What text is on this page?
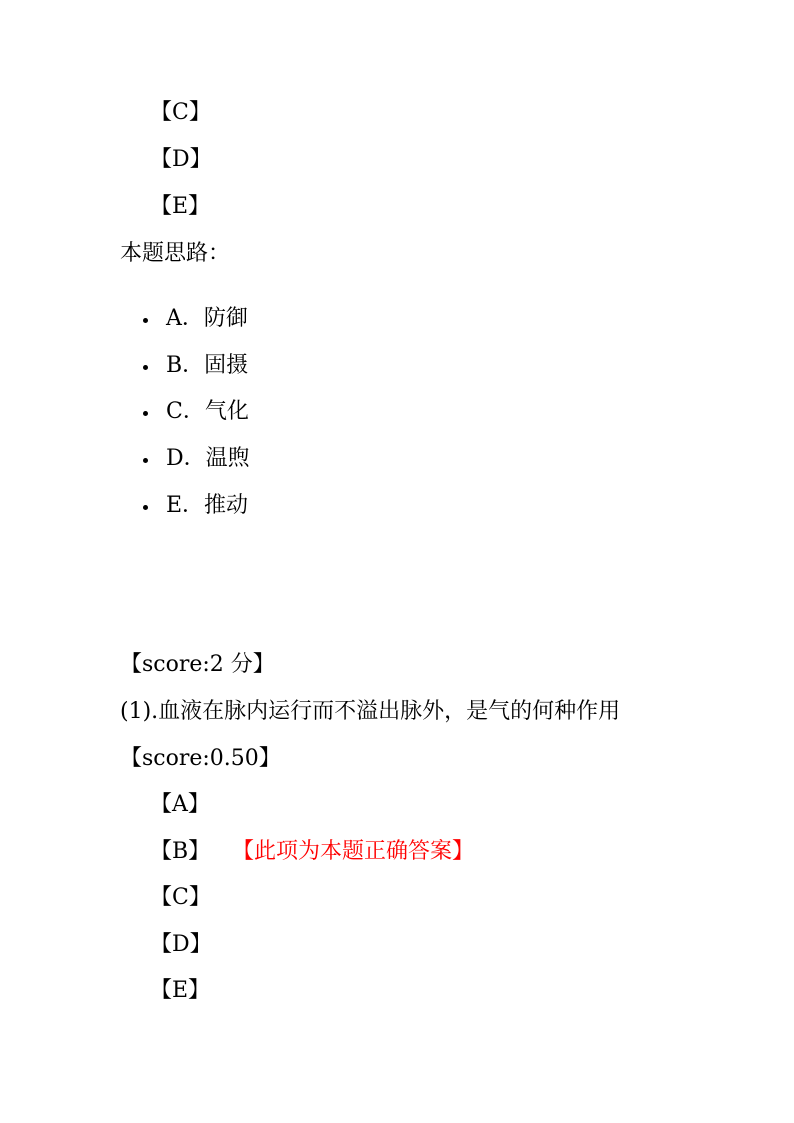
【C】
【D】
【E】
本题思路：
A．防御
B．固摄
C．气化
D．温煦
E．推动
【score:2 分】
(1).血液在脉内运行而不溢出脉外，是气的何种作用
【score:0.50】
【A】
【B】 【此项为本题正确答案】
【C】
【D】
【E】
